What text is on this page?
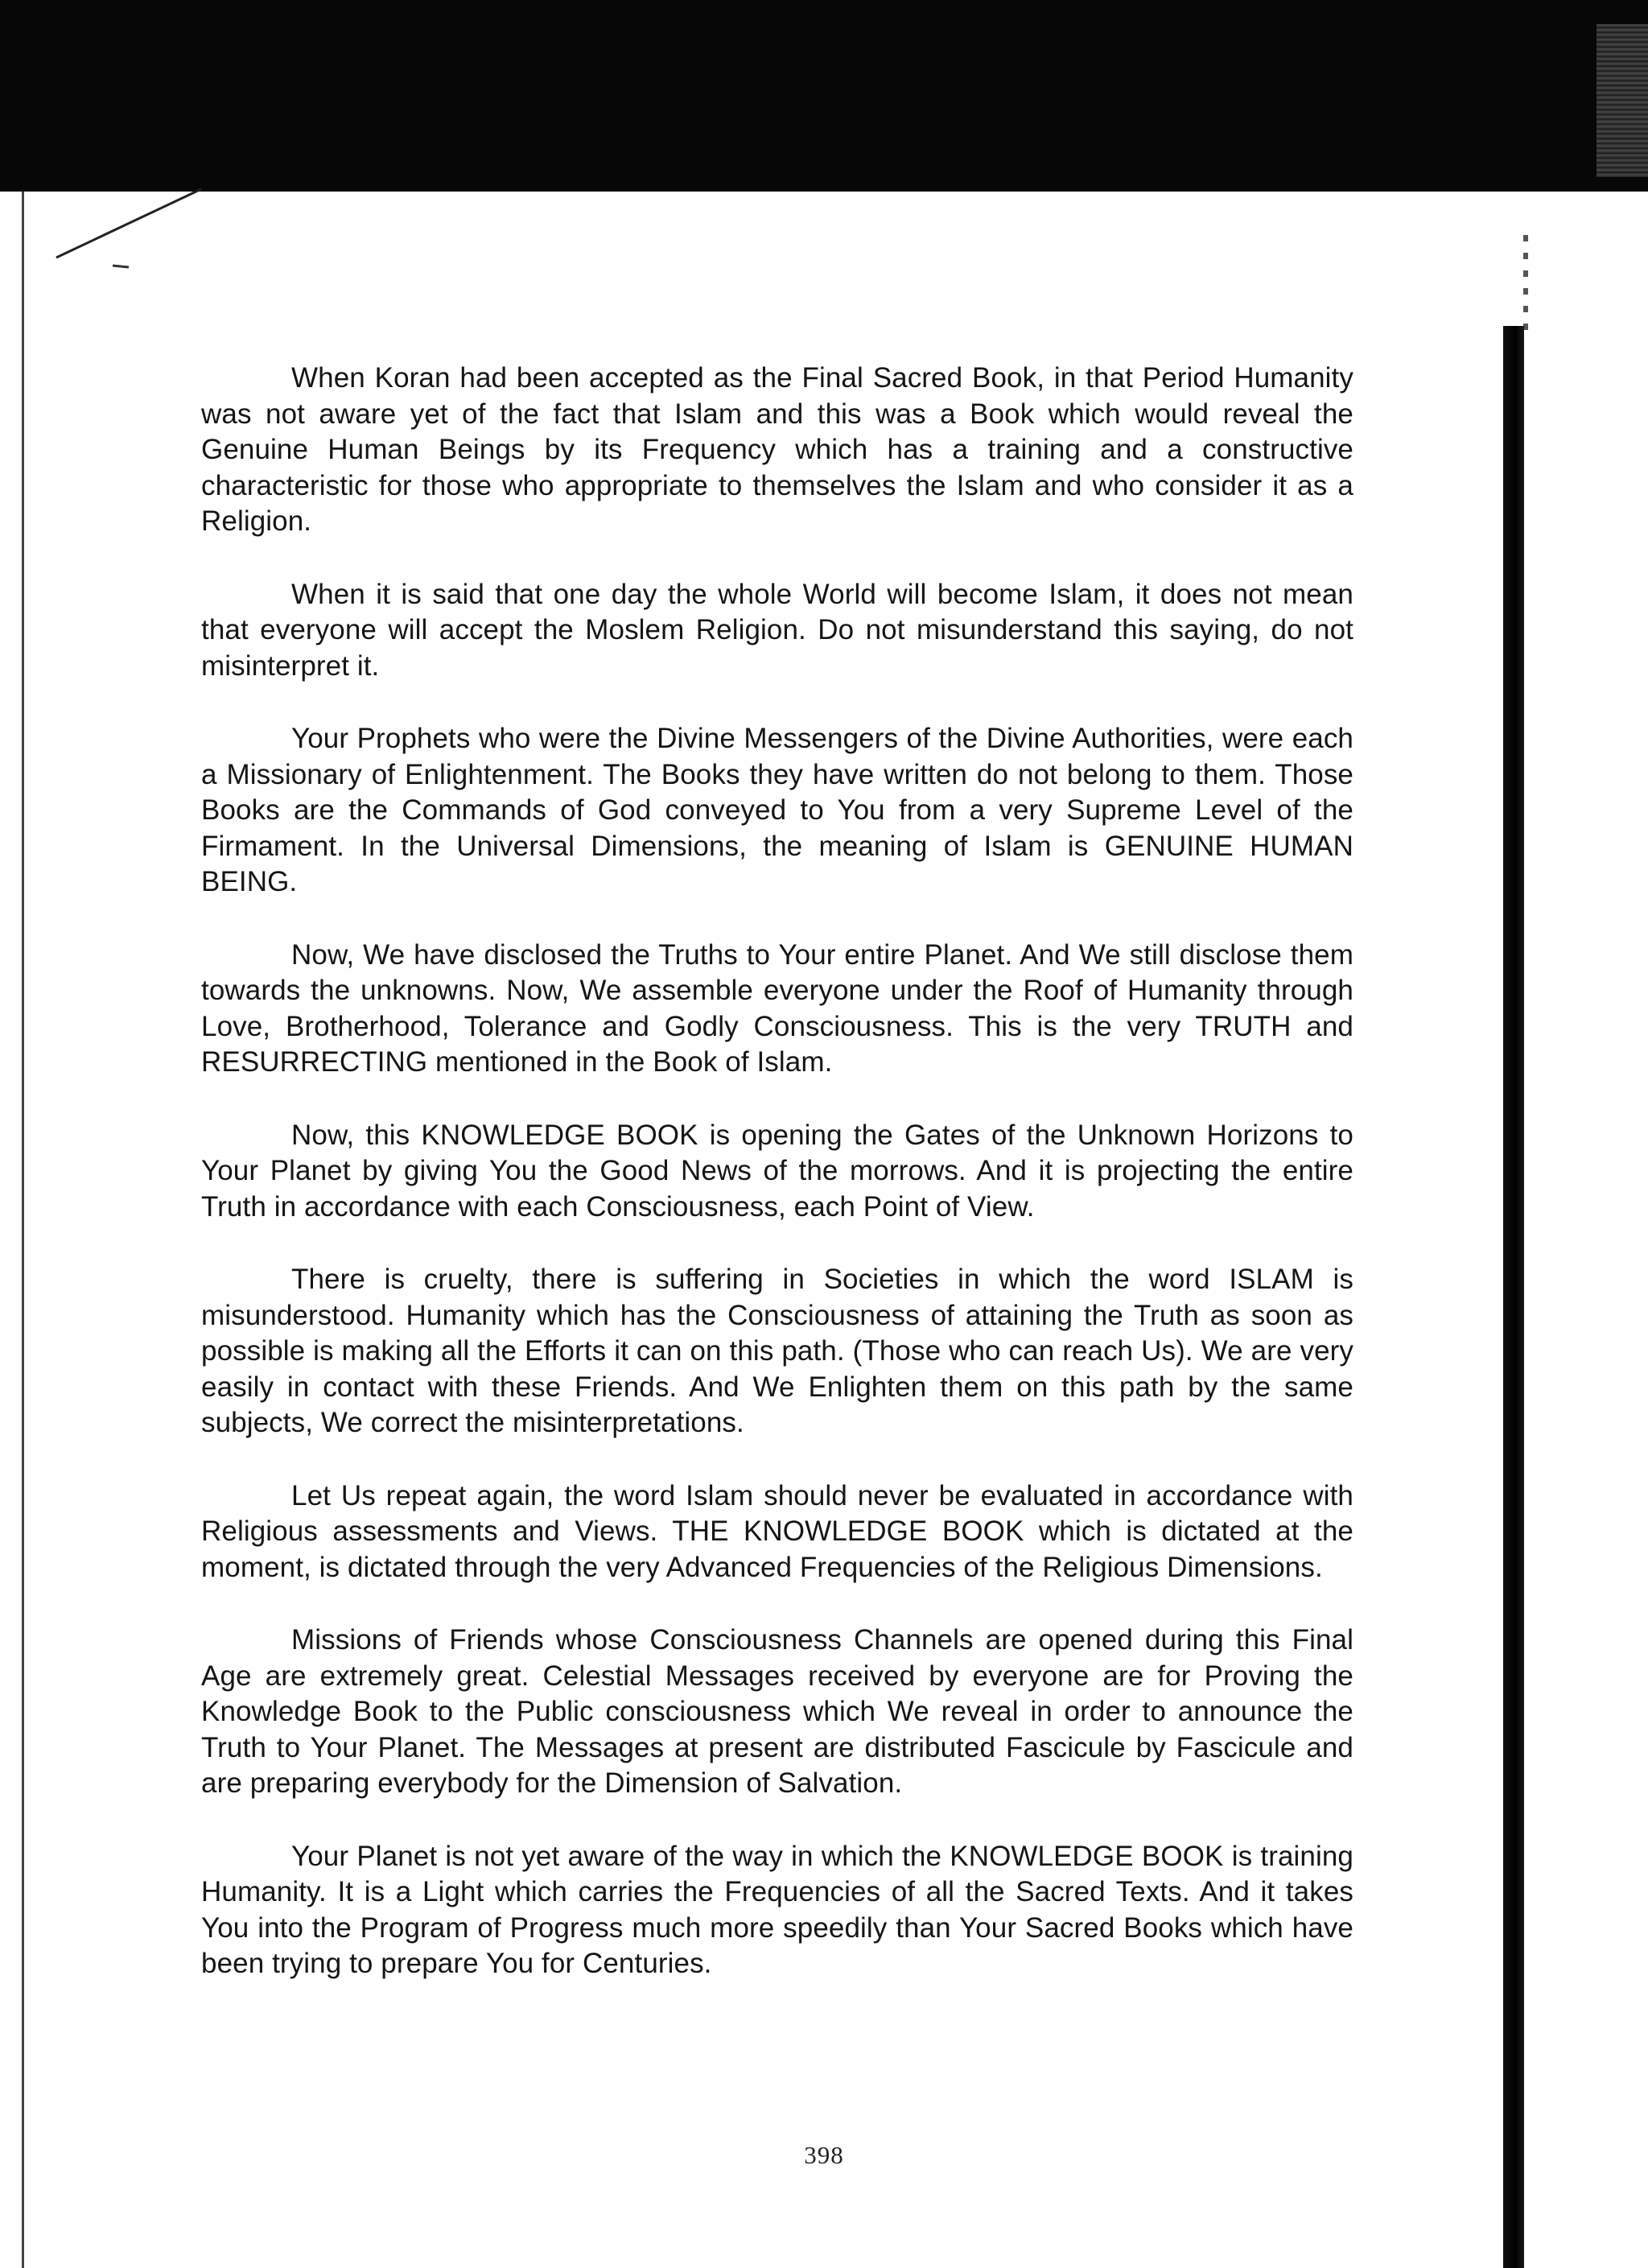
When Koran had been accepted as the Final Sacred Book, in that Period Humanity was not aware yet of the fact that Islam and this was a Book which would reveal the Genuine Human Beings by its Frequency which has a training and a constructive characteristic for those who appropriate to themselves the Islam and who consider it as a Religion.

When it is said that one day the whole World will become Islam, it does not mean that everyone will accept the Moslem Religion. Do not misunderstand this saying, do not misinterpret it.

Your Prophets who were the Divine Messengers of the Divine Authorities, were each a Missionary of Enlightenment. The Books they have written do not belong to them. Those Books are the Commands of God conveyed to You from a very Supreme Level of the Firmament. In the Universal Dimensions, the meaning of Islam is GENUINE HUMAN BEING.

Now, We have disclosed the Truths to Your entire Planet. And We still disclose them towards the unknowns. Now, We assemble everyone under the Roof of Humanity through Love, Brotherhood, Tolerance and Godly Consciousness. This is the very TRUTH and RESURRECTING mentioned in the Book of Islam.

Now, this KNOWLEDGE BOOK is opening the Gates of the Unknown Horizons to Your Planet by giving You the Good News of the morrows. And it is projecting the entire Truth in accordance with each Consciousness, each Point of View.

There is cruelty, there is suffering in Societies in which the word ISLAM is misunderstood. Humanity which has the Consciousness of attaining the Truth as soon as possible is making all the Efforts it can on this path. (Those who can reach Us). We are very easily in contact with these Friends. And We Enlighten them on this path by the same subjects, We correct the misinterpretations.

Let Us repeat again, the word Islam should never be evaluated in accordance with Religious assessments and Views. THE KNOWLEDGE BOOK which is dictated at the moment, is dictated through the very Advanced Frequencies of the Religious Dimensions.

Missions of Friends whose Consciousness Channels are opened during this Final Age are extremely great. Celestial Messages received by everyone are for Proving the Knowledge Book to the Public consciousness which We reveal in order to announce the Truth to Your Planet. The Messages at present are distributed Fascicule by Fascicule and are preparing everybody for the Dimension of Salvation.

Your Planet is not yet aware of the way in which the KNOWLEDGE BOOK is training Humanity. It is a Light which carries the Frequencies of all the Sacred Texts. And it takes You into the Program of Progress much more speedily than Your Sacred Books which have been trying to prepare You for Centuries.

398
